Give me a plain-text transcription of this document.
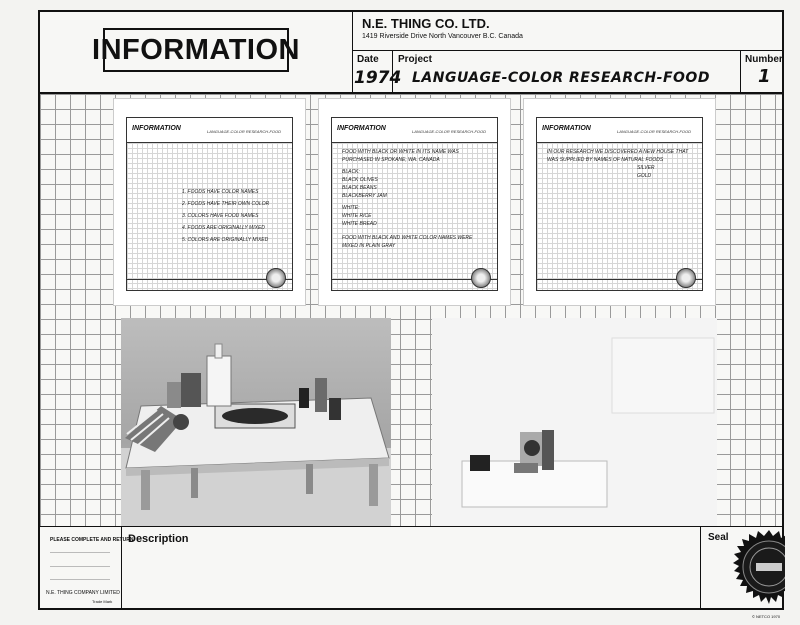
INFORMATION
N.E. THING CO. LTD.
1419 Riverside Drive North Vancouver B.C. Canada
Date
1974
Project
LANGUAGE-COLOR RESEARCH-FOOD
Number
1
INFORMATION	LANGUAGE-COLOR RESEARCH-FOOD
1. FOODS HAVE COLOR NAMES
2. FOODS HAVE THEIR OWN COLOR
3. COLORS HAVE FOOD NAMES
4. FOODS ARE ORIGINALLY MIXED
5. COLORS ARE ORIGINALLY MIXED
INFORMATION	LANGUAGE-COLOR RESEARCH-FOOD
FOOD WITH BLACK OR WHITE IN ITS NAME WAS PURCHASED IN SPOKANE, WA. CANADA
BLACK:
BLACK OLIVES
BLACK BEANS
BLACKBERRY JAM
WHITE:
WHITE RICE
WHITE BREAD
FOOD WITH BLACK AND WHITE COLOR NAMES WERE MIXED IN PLAIN GRAY
INFORMATION	LANGUAGE-COLOR RESEARCH-FOOD
IN OUR RESEARCH WE DISCOVERED A NEW HOUSE THAT WAS SUPPLIED BY NAMES OF NATURAL FOODS
SILVER
GOLD
PLEASE COMPLETE AND RETURN
N.E. THING COMPANY LIMITED
Trade Mark
Description	Seal
© NETCO 1970
